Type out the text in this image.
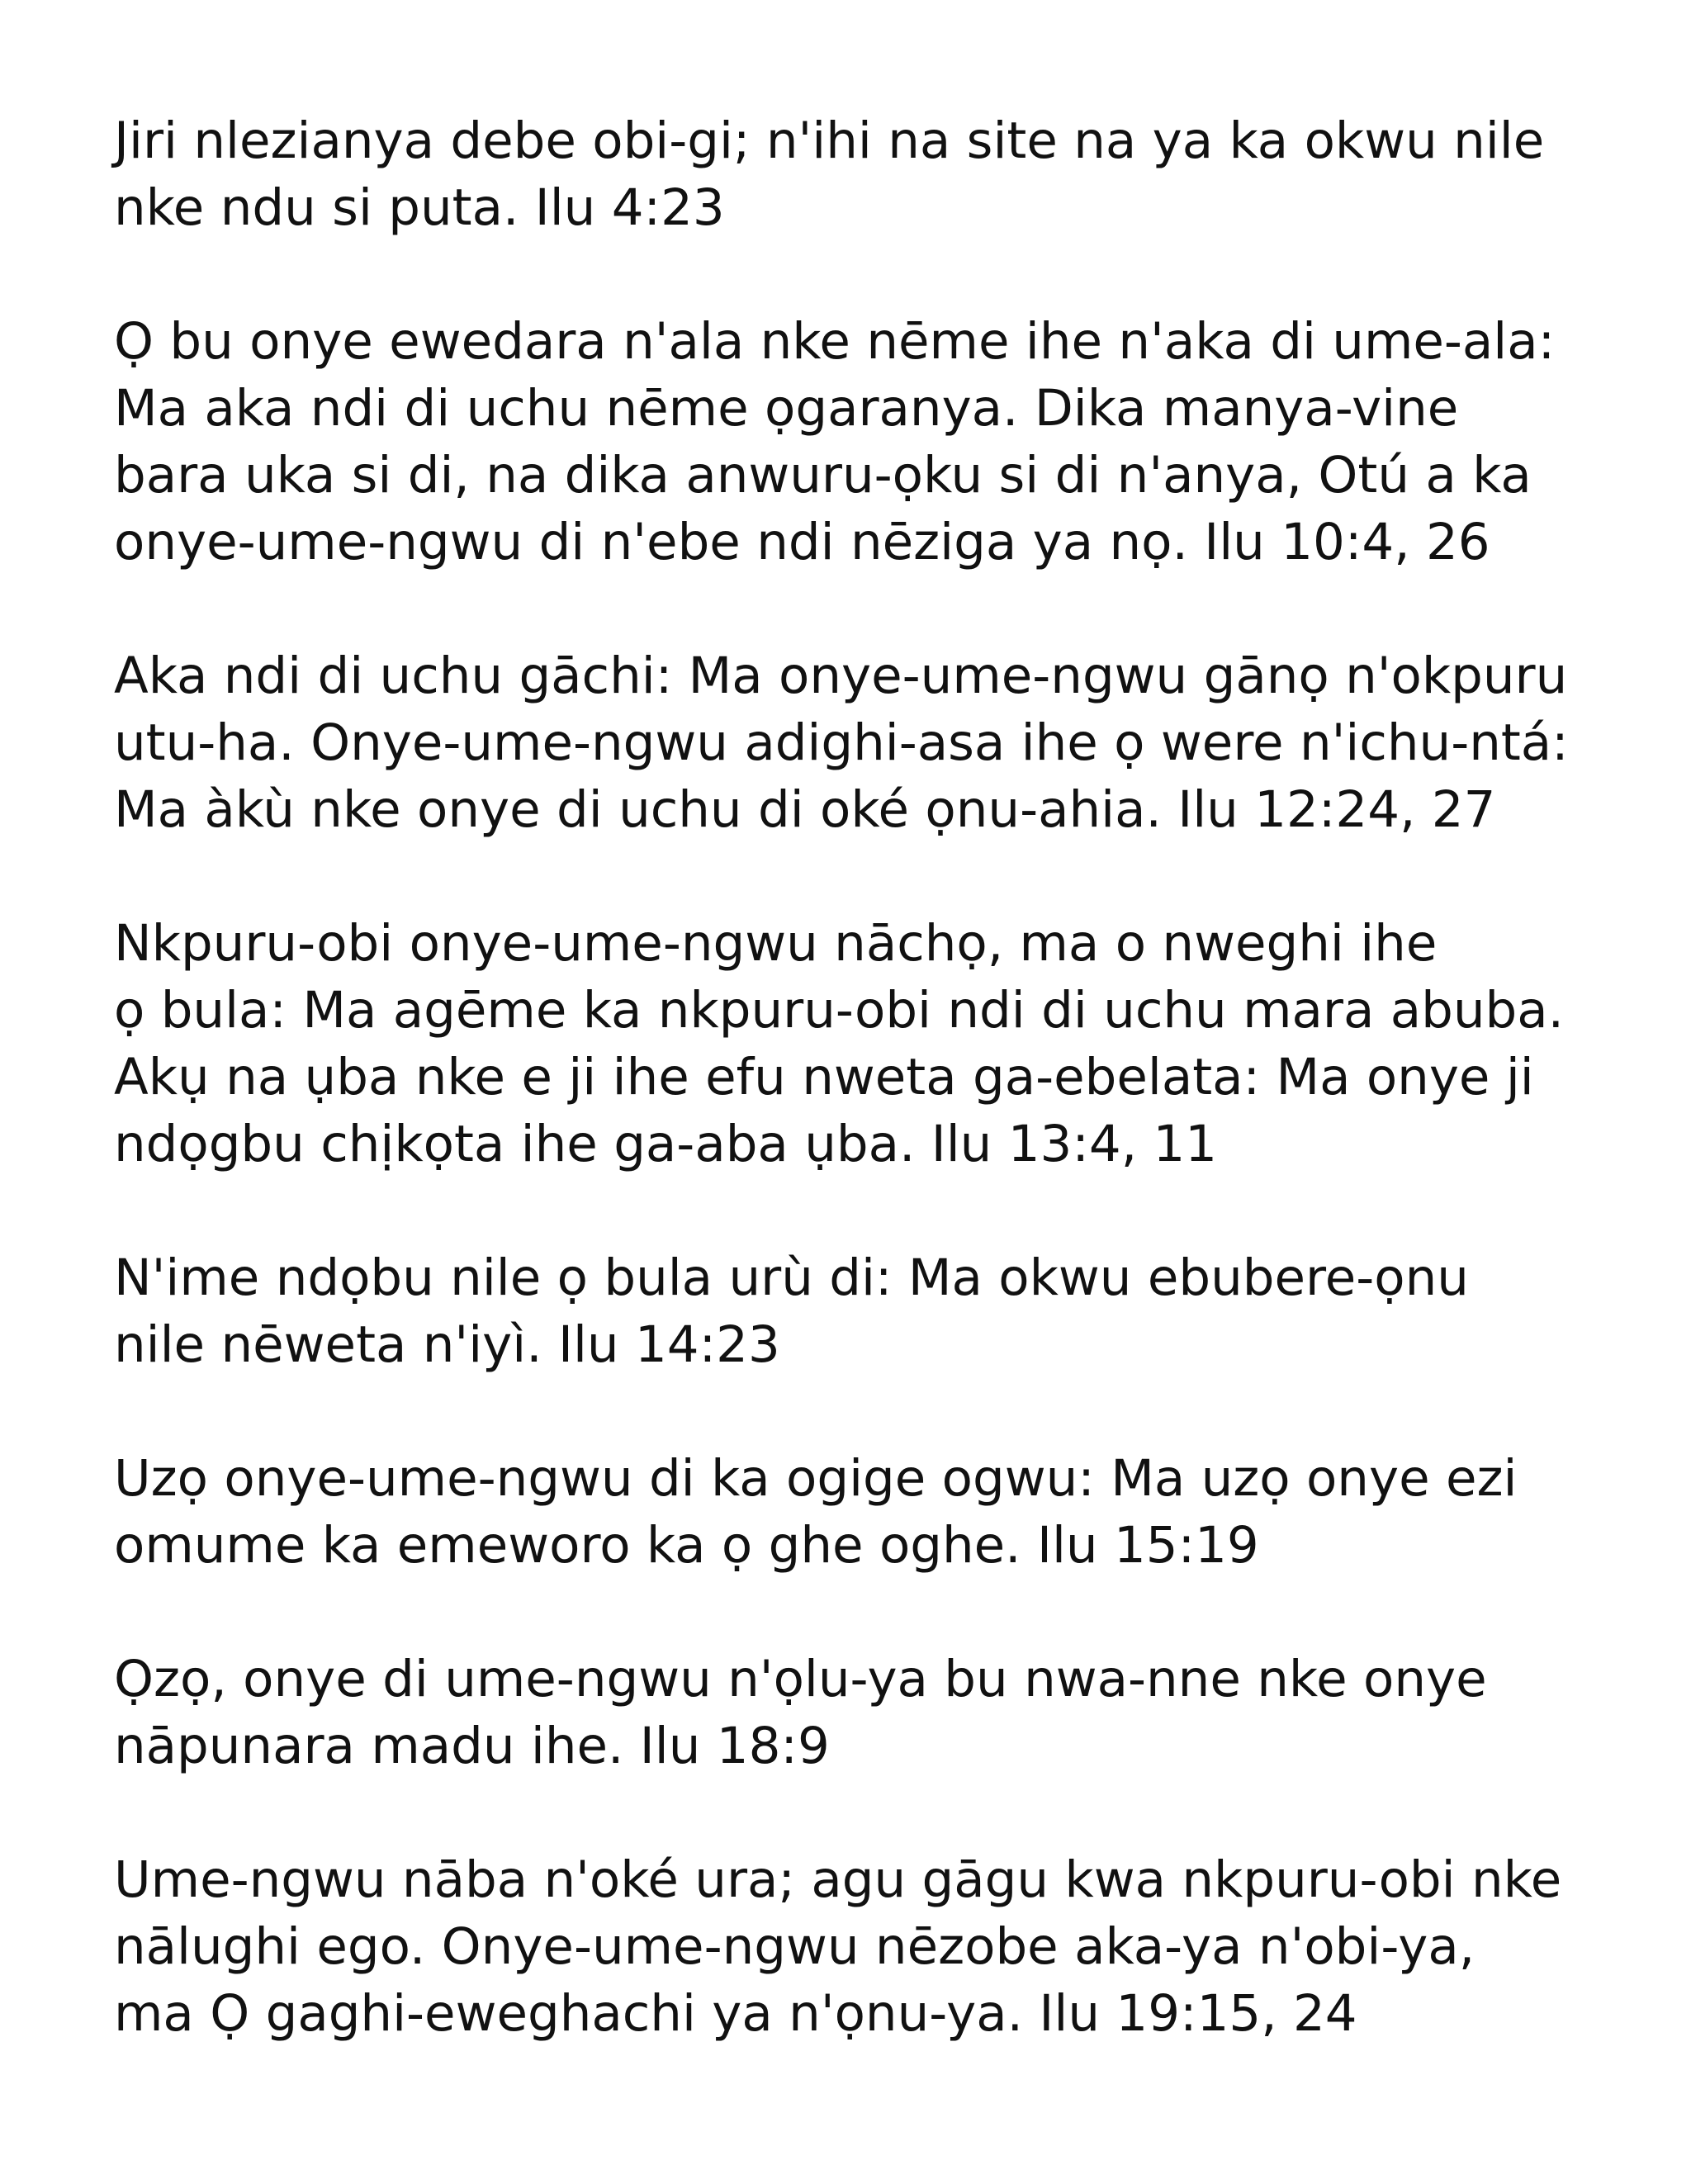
Jiri nlezianya debe obi-gi; n'ihi na site na ya ka okwu nile
nke ndu si puta. Ilu 4:23
Ọ bu onye ewedara n'ala nke nēme ihe n'aka di ume-ala:
Ma aka ndi di uchu nēme ọgaranya. Dika manya-vine
bara uka si di, na dika anwuru-ọku si di n'anya, Otú a ka
onye-ume-ngwu di n'ebe ndi nēziga ya nọ. Ilu 10:4, 26
Aka ndi di uchu gāchi: Ma onye-ume-ngwu gānọ n'okpuru
utu-ha. Onye-ume-ngwu adighi-asa ihe ọ were n'ichu-ntá:
Ma àkù nke onye di uchu di oké ọnu-ahia. Ilu 12:24, 27
Nkpuru-obi onye-ume-ngwu nāchọ, ma o nweghi ihe
ọ bula: Ma agēme ka nkpuru-obi ndi di uchu mara abuba.
Akụ na ụba nke e ji ihe efu nweta ga-ebelata: Ma onye ji
ndọgbu chịkọta ihe ga-aba ụba. Ilu 13:4, 11
N'ime ndọbu nile ọ bula urù di: Ma okwu ebubere-ọnu
nile nēweta n'iyì. Ilu 14:23
Uzọ onye-ume-ngwu di ka ogige ogwu: Ma uzọ onye ezi
omume ka emeworo ka ọ ghe oghe. Ilu 15:19
Ọzọ, onye di ume-ngwu n'ọlu-ya bu nwa-nne nke onye
nāpunara madu ihe. Ilu 18:9
Ume-ngwu nāba n'oké ura; agu gāgu kwa nkpuru-obi nke
nālughi ego. Onye-ume-ngwu nēzobe aka-ya n'obi-ya,
ma Ọ gaghi-eweghachi ya n'ọnu-ya. Ilu 19:15, 24
